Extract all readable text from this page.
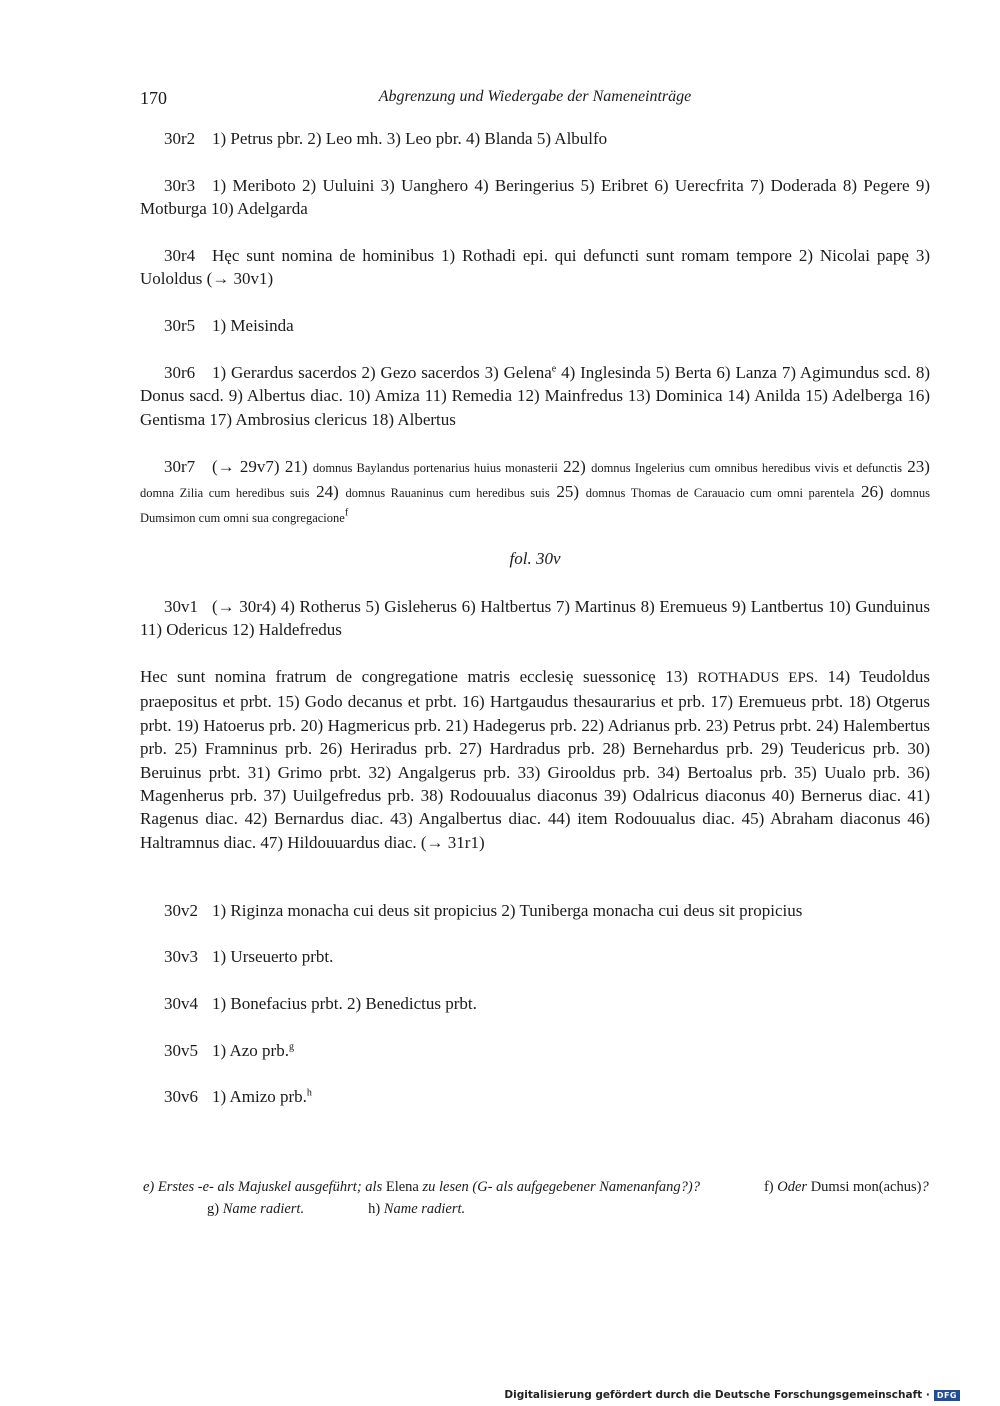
170	Abgrenzung und Wiedergabe der Nameneinträge

30r2 1) Petrus pbr. 2) Leo mh. 3) Leo pbr. 4) Blanda 5) Albulfo

30r3 1) Meriboto 2) Uuluini 3) Uanghero 4) Beringerius 5) Eribret 6) Uerecfrita 7) Doderada 8) Pegere 9) Motburga 10) Adelgarda

30r4 Hęc sunt nomina de hominibus 1) Rothadi epi. qui defuncti sunt romam tempore 2) Nicolai papę 3) Uololdus (→ 30v1)

30r5 1) Meisinda

30r6 1) Gerardus sacerdos 2) Gezo sacerdos 3) Gelena$^e$ 4) Inglesinda 5) Berta 6) Lanza 7) Agimundus scd. 8) Donus sacd. 9) Albertus diac. 10) Amiza 11) Remedia 12) Mainfredus 13) Dominica 14) Anilda 15) Adelberga 16) Gentisma 17) Ambrosius clericus 18) Albertus

30r7 (→ 29v7) 21) domnus Baylandus portenarius huius monasterii 22) domnus Ingelerius cum omnibus heredibus vivis et defunctis 23) domna Zilia cum heredibus suis 24) domnus Rauaninus cum heredibus suis 25) domnus Thomas de Carauacio cum omni parentela 26) domnus Dumsimon cum omni sua congregacione$^f$

fol. 30v

30v1 (→ 30r4) 4) Rotherus 5) Gisleherus 6) Haltbertus 7) Martinus 8) Eremueus 9) Lantbertus 10) Gunduinus 11) Odericus 12) Haldefredus

Hec sunt nomina fratrum de congregatione matris ecclesię suessonicę 13) ROTHADUS EPS. 14) Teudoldus praepositus et prbt. 15) Godo decanus et prbt. 16) Hartgaudus thesaurarius et prb. 17) Eremueus prbt. 18) Otgerus prbt. 19) Hatoerus prb. 20) Hagmericus prb. 21) Hadegerus prb. 22) Adrianus prb. 23) Petrus prbt. 24) Halembertus prb. 25) Framninus prb. 26) Heriradus prb. 27) Hardradus prb. 28) Bernehardus prb. 29) Teudericus prb. 30) Beruinus prbt. 31) Grimo prbt. 32) Angalgerus prb. 33) Girooldus prb. 34) Bertoalus prb. 35) Uualo prb. 36) Magenherus prb. 37) Uuilgefredus prb. 38) Rodouualus diaconus 39) Odalricus diaconus 40) Bernerus diac. 41) Ragenus diac. 42) Bernardus diac. 43) Angalbertus diac. 44) item Rodouualus diac. 45) Abraham diaconus 46) Haltramnus diac. 47) Hildouuardus diac. (→ 31r1)

30v2 1) Riginza monacha cui deus sit propicius 2) Tuniberga monacha cui deus sit propicius

30v3 1) Urseuerto prbt.

30v4 1) Bonefacius prbt. 2) Benedictus prbt.

30v5 1) Azo prb.$^g$

30v6 1) Amizo prb.$^h$

e) Erstes -e- als Majuskel ausgeführt; als Elena zu lesen (G- als aufgegebener Namenanfang?)?	f) Oder Dumsi mon(achus)?g) Name radiert.	h) Name radiert.

Digitalisierung gefördert durch die Deutsche Forschungsgemeinschaft · DFG
